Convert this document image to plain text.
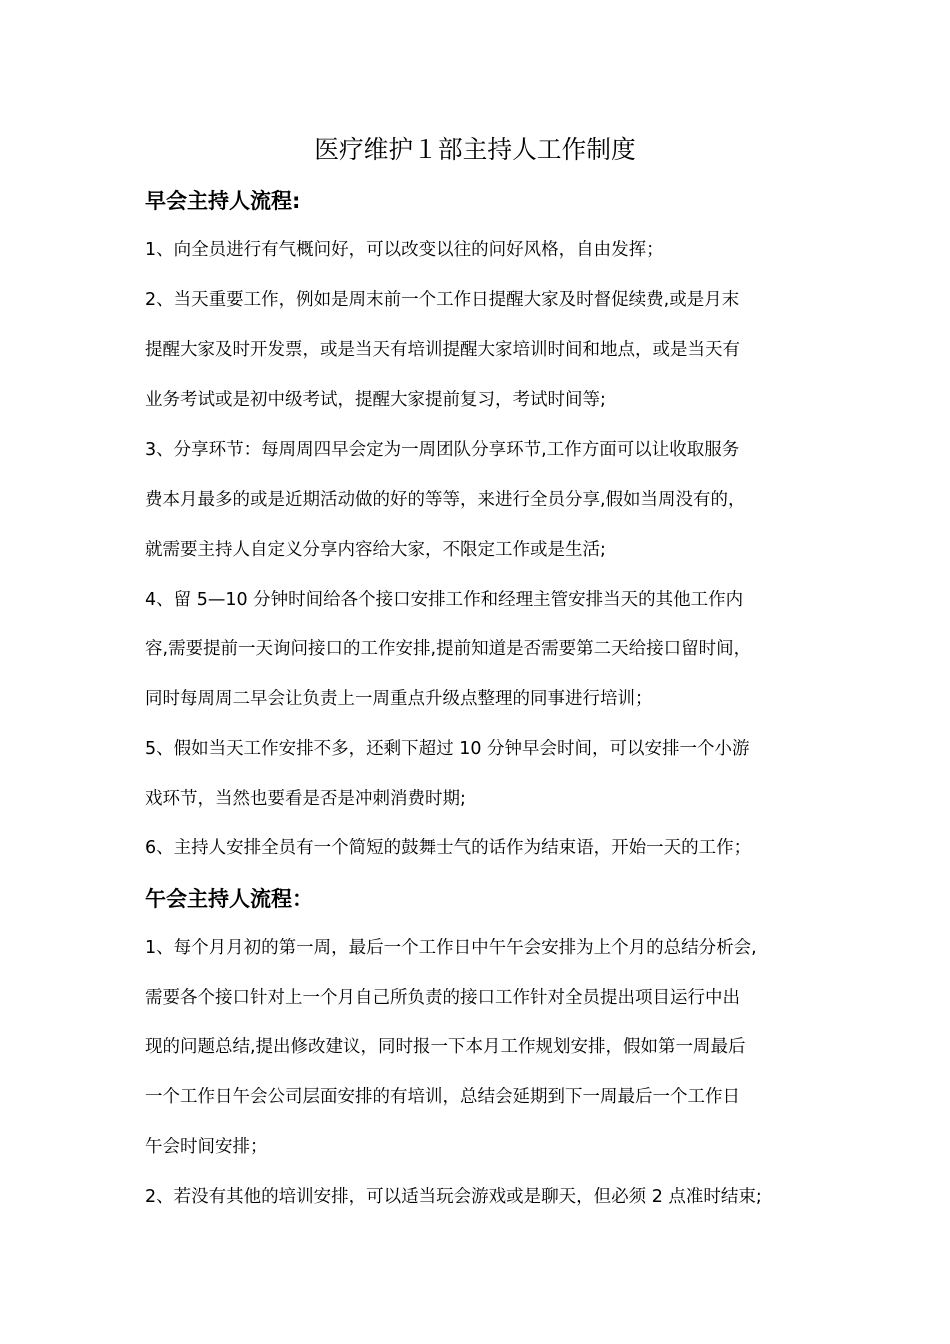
医疗维护１部主持人工作制度
早会主持人流程:
1、向全员进行有气概问好，可以改变以往的问好风格，自由发挥；
2、当天重要工作，例如是周末前一个工作日提醒大家及时督促续费,或是月末
提醒大家及时开发票，或是当天有培训提醒大家培训时间和地点，或是当天有
业务考试或是初中级考试，提醒大家提前复习，考试时间等;
3、分享环节：每周周四早会定为一周团队分享环节,工作方面可以让收取服务
费本月最多的或是近期活动做的好的等等，来进行全员分享,假如当周没有的，
就需要主持人自定义分享内容给大家，不限定工作或是生活;
4、留 5—10 分钟时间给各个接口安排工作和经理主管安排当天的其他工作内
容,需要提前一天询问接口的工作安排,提前知道是否需要第二天给接口留时间，
同时每周周二早会让负责上一周重点升级点整理的同事进行培训；
5、假如当天工作安排不多，还剩下超过 10 分钟早会时间，可以安排一个小游
戏环节，当然也要看是否是冲刺消费时期;
6、主持人安排全员有一个简短的鼓舞士气的话作为结束语，开始一天的工作；
午会主持人流程：
1、每个月月初的第一周，最后一个工作日中午午会安排为上个月的总结分析会,
需要各个接口针对上一个月自己所负责的接口工作针对全员提出项目运行中出
现的问题总结,提出修改建议，同时报一下本月工作规划安排，假如第一周最后
一个工作日午会公司层面安排的有培训，总结会延期到下一周最后一个工作日
午会时间安排；
2、若没有其他的培训安排，可以适当玩会游戏或是聊天，但必须 2 点准时结束;
